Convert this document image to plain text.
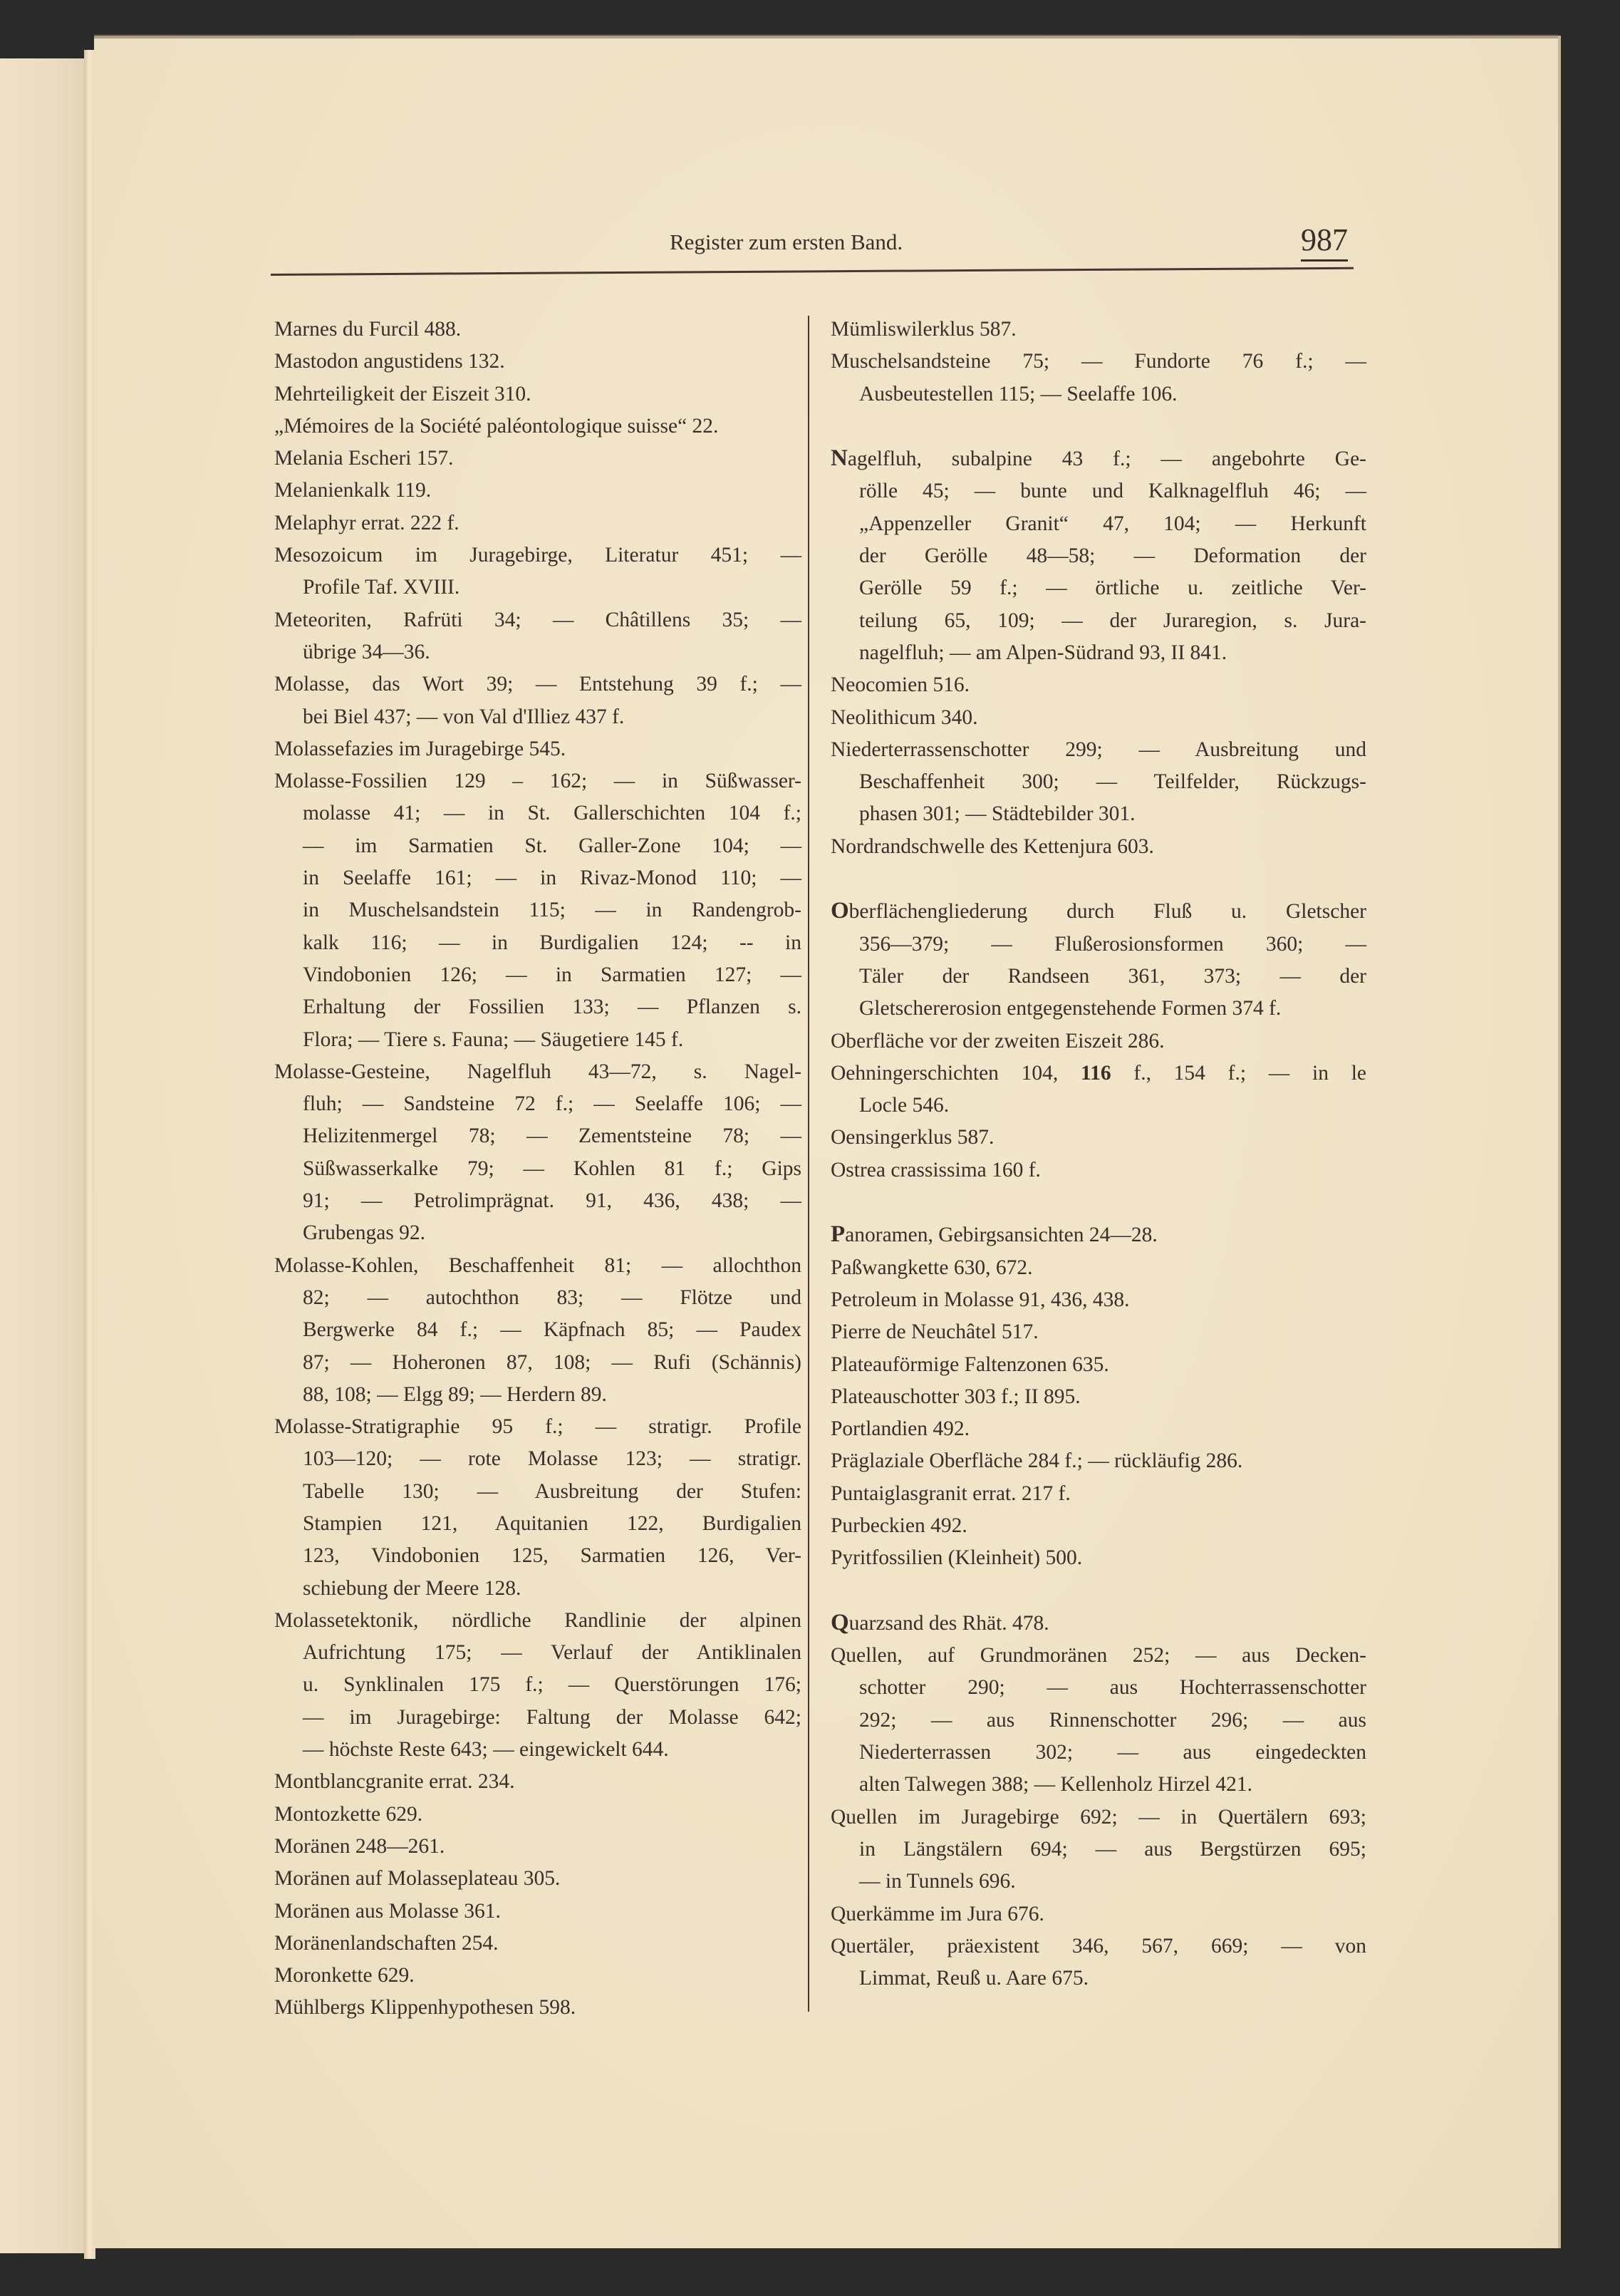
Register zum ersten Band.	987
Marnes du Furcil 488.
Mastodon angustidens 132.
Mehrteiligkeit der Eiszeit 310.
„Mémoires de la Société paléontologique suisse“ 22.
Melania Escheri 157.
Melanienkalk 119.
Melaphyr errat. 222 f.
Mesozoicum im Juragebirge, Literatur 451; —
Profile Taf. XVIII.
Meteoriten, Rafrüti 34; — Châtillens 35; —
übrige 34—36.
Molasse, das Wort 39; — Entstehung 39 f.; —
bei Biel 437; — von Val d'Illiez 437 f.
Molassefazies im Juragebirge 545.
Molasse-Fossilien 129 – 162; — in Süßwasser-
molasse 41; — in St. Gallerschichten 104 f.;
— im Sarmatien St. Galler-Zone 104; —
in Seelaffe 161; — in Rivaz-Monod 110; —
in Muschelsandstein 115; — in Randengrob-
kalk 116; — in Burdigalien 124; -- in
Vindobonien 126; — in Sarmatien 127; —
Erhaltung der Fossilien 133; — Pflanzen s.
Flora; — Tiere s. Fauna; — Säugetiere 145 f.
Molasse-Gesteine, Nagelfluh 43—72, s. Nagel-
fluh; — Sandsteine 72 f.; — Seelaffe 106; —
Helizitenmergel 78; — Zementsteine 78; —
Süßwasserkalke 79; — Kohlen 81 f.; Gips
91; — Petrolimprägnat. 91, 436, 438; —
Grubengas 92.
Molasse-Kohlen, Beschaffenheit 81; — allochthon
82; — autochthon 83; — Flötze und
Bergwerke 84 f.; — Käpfnach 85; — Paudex
87; — Hoheronen 87, 108; — Rufi (Schännis)
88, 108; — Elgg 89; — Herdern 89.
Molasse-Stratigraphie 95 f.; — stratigr. Profile
103—120; — rote Molasse 123; — stratigr.
Tabelle 130; — Ausbreitung der Stufen:
Stampien 121, Aquitanien 122, Burdigalien
123, Vindobonien 125, Sarmatien 126, Ver-
schiebung der Meere 128.
Molassetektonik, nördliche Randlinie der alpinen
Aufrichtung 175; — Verlauf der Antiklinalen
u. Synklinalen 175 f.; — Querstörungen 176;
— im Juragebirge: Faltung der Molasse 642;
— höchste Reste 643; — eingewickelt 644.
Montblancgranite errat. 234.
Montozkette 629.
Moränen 248—261.
Moränen auf Molasseplateau 305.
Moränen aus Molasse 361.
Moränenlandschaften 254.
Moronkette 629.
Mühlbergs Klippenhypothesen 598.
Mümliswilerklus 587.
Muschelsandsteine 75; — Fundorte 76 f.; —
Ausbeutestellen 115; — Seelaffe 106.
Nagelfluh, subalpine 43 f.; — angebohrte Ge-
rölle 45; — bunte und Kalknagelfluh 46; —
„Appenzeller Granit“ 47, 104; — Herkunft
der Gerölle 48—58; — Deformation der
Gerölle 59 f.; — örtliche u. zeitliche Ver-
teilung 65, 109; — der Juraregion, s. Jura-
nagelfluh; — am Alpen-Südrand 93, II 841.
Neocomien 516.
Neolithicum 340.
Niederterrassenschotter 299; — Ausbreitung und
Beschaffenheit 300; — Teilfelder, Rückzugs-
phasen 301; — Städtebilder 301.
Nordrandschwelle des Kettenjura 603.
Oberflächengliederung durch Fluß u. Gletscher
356—379; — Flußerosionsformen 360; —
Täler der Randseen 361, 373; — der
Gletschererosion entgegenstehende Formen 374 f.
Oberfläche vor der zweiten Eiszeit 286.
Oehningerschichten 104, 116 f., 154 f.; — in le
Locle 546.
Oensingerklus 587.
Ostrea crassissima 160 f.
Panoramen, Gebirgsansichten 24—28.
Paßwangkette 630, 672.
Petroleum in Molasse 91, 436, 438.
Pierre de Neuchâtel 517.
Plateauförmige Faltenzonen 635.
Plateauschotter 303 f.; II 895.
Portlandien 492.
Präglaziale Oberfläche 284 f.; — rückläufig 286.
Puntaiglasgranit errat. 217 f.
Purbeckien 492.
Pyritfossilien (Kleinheit) 500.
Quarzsand des Rhät. 478.
Quellen, auf Grundmoränen 252; — aus Decken-
schotter 290; — aus Hochterrassenschotter
292; — aus Rinnenschotter 296; — aus
Niederterrassen 302; — aus eingedeckten
alten Talwegen 388; — Kellenholz Hirzel 421.
Quellen im Juragebirge 692; — in Quertälern 693;
in Längstälern 694; — aus Bergstürzen 695;
— in Tunnels 696.
Querkämme im Jura 676.
Quertäler, präexistent 346, 567, 669; — von
Limmat, Reuß u. Aare 675.
